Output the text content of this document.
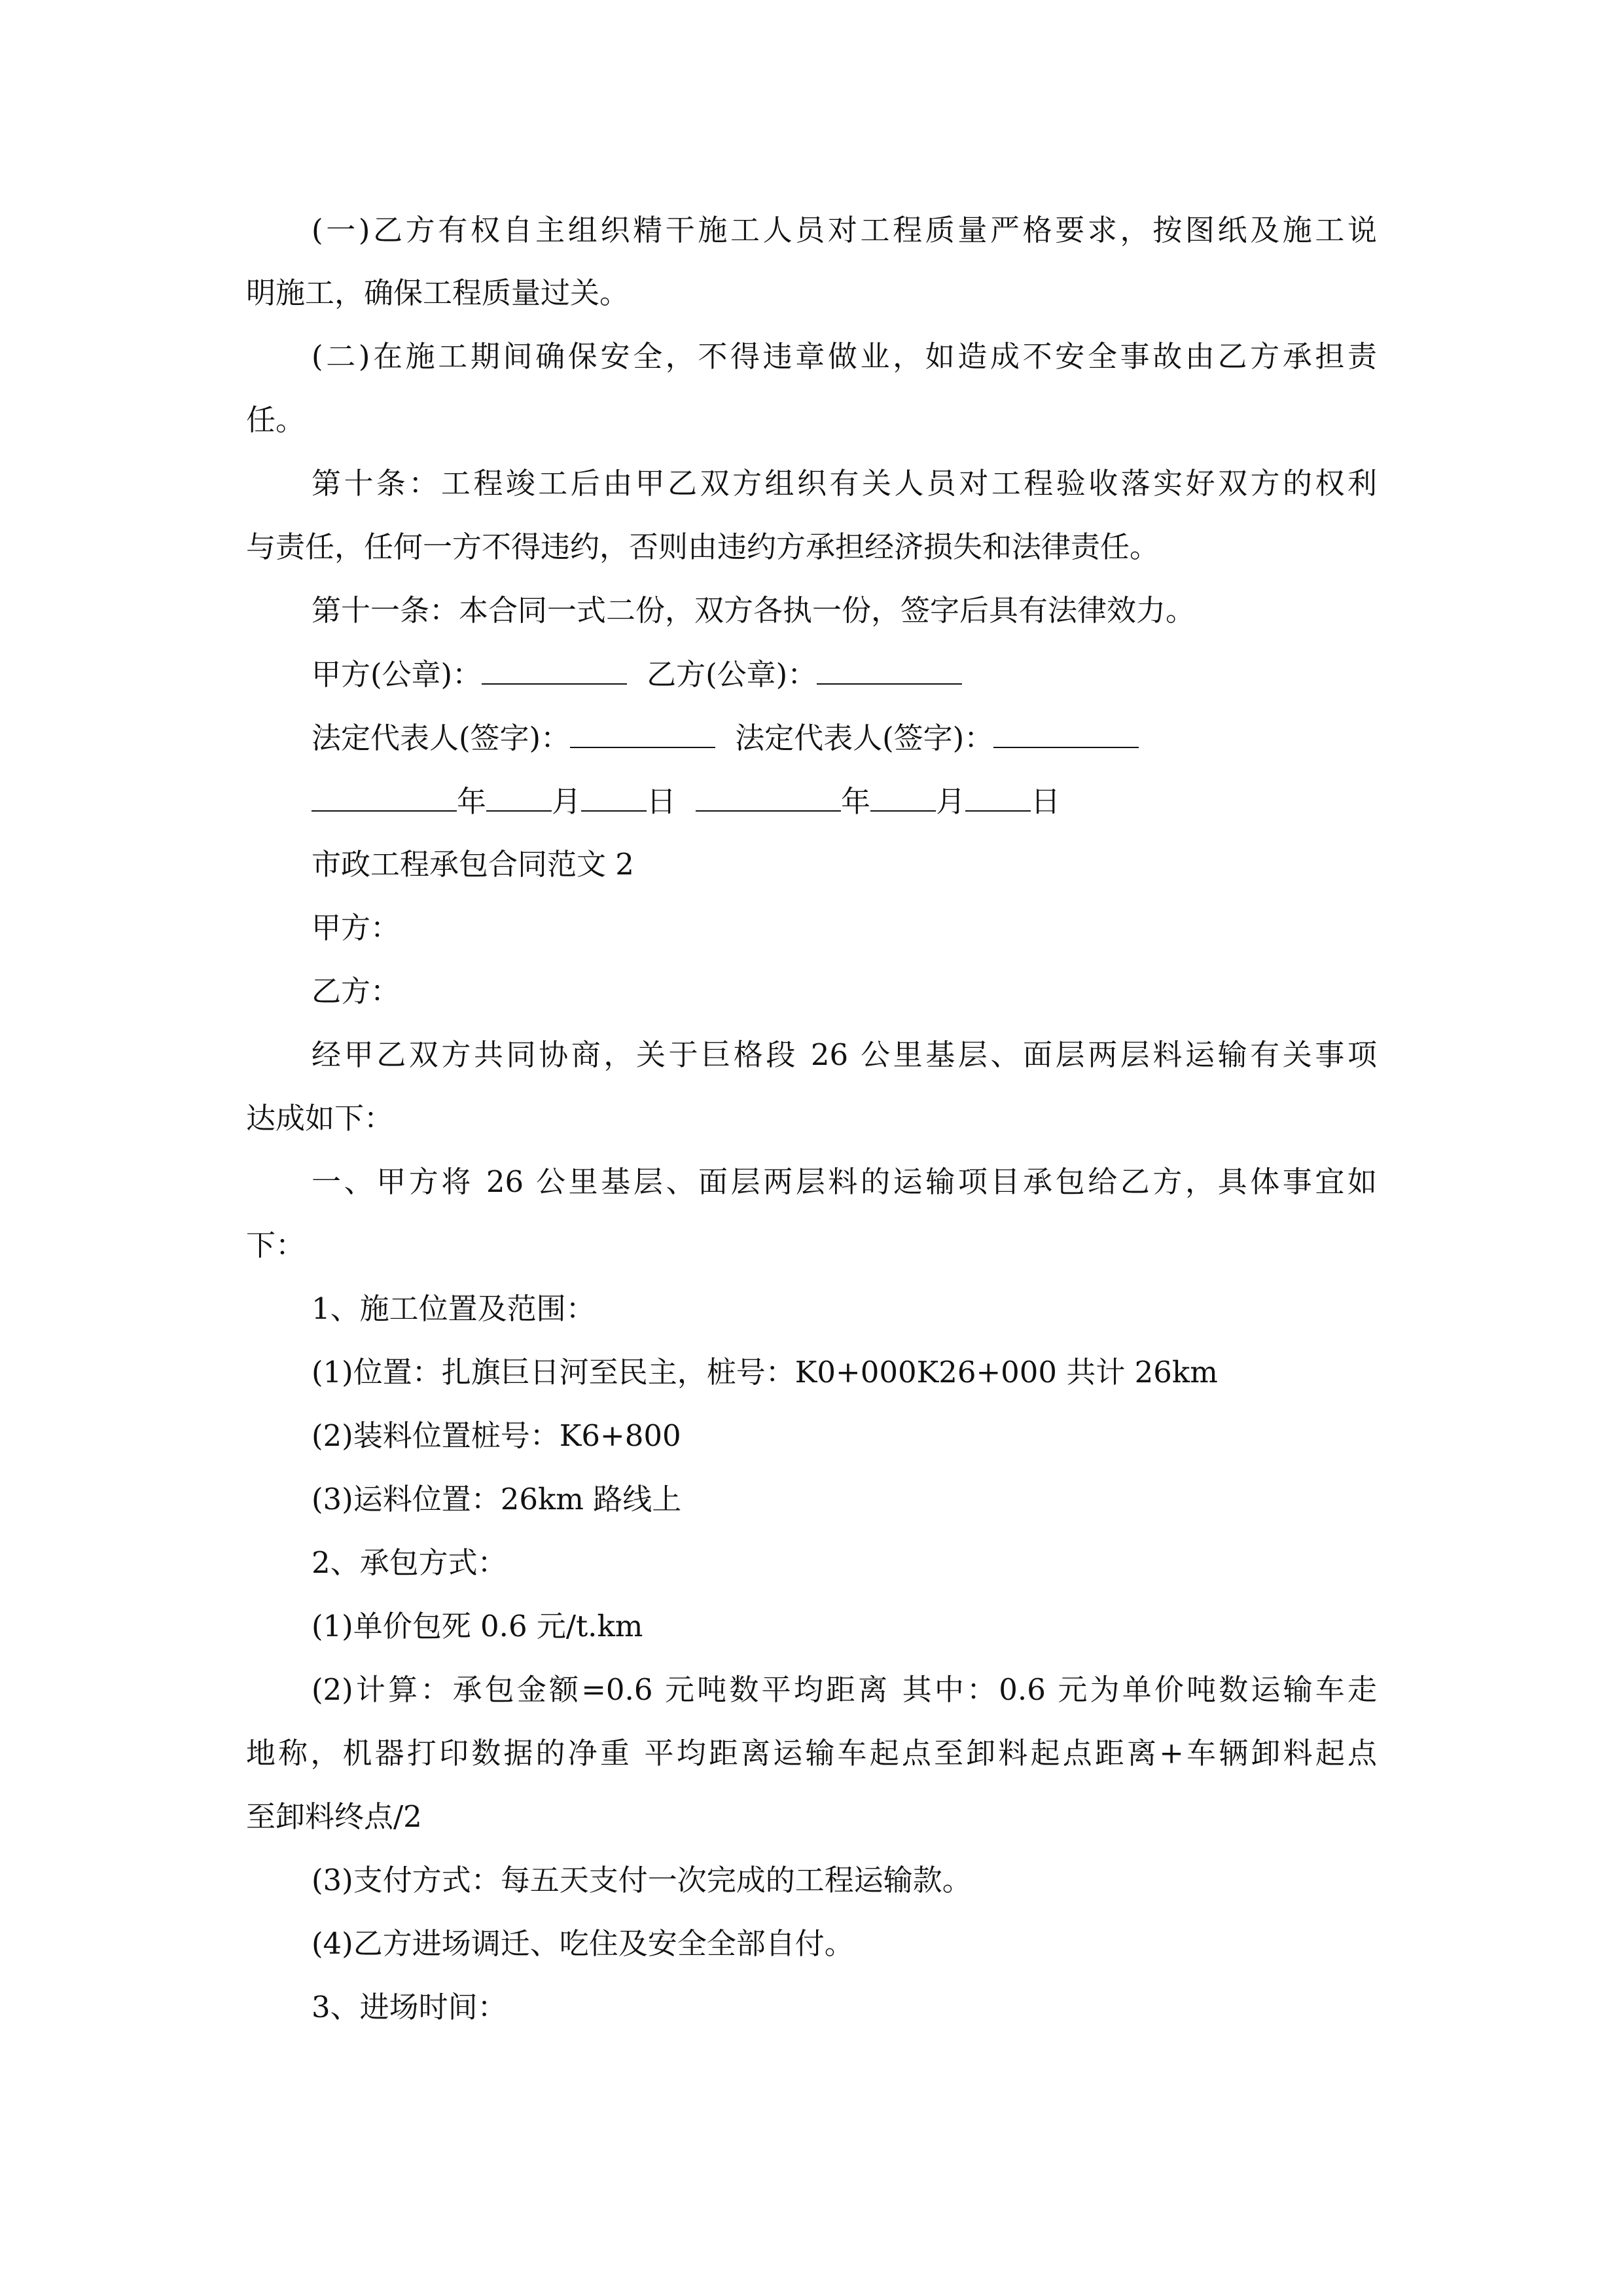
(一)乙方有权自主组织精干施工人员对工程质量严格要求，按图纸及施工说
明施工，确保工程质量过关。
(二)在施工期间确保安全，不得违章做业，如造成不安全事故由乙方承担责
任。
第十条：工程竣工后由甲乙双方组织有关人员对工程验收落实好双方的权利
与责任，任何一方不得违约，否则由违约方承担经济损失和法律责任。
第十一条：本合同一式二份，双方各执一份，签字后具有法律效力。
甲方(公章)：	乙方(公章)：
法定代表人(签字)：	法定代表人(签字)：
年 月 日	年 月 日
市政工程承包合同范文 2
甲方：
乙方：
经甲乙双方共同协商，关于巨格段 26 公里基层、面层两层料运输有关事项
达成如下：
一、甲方将 26 公里基层、面层两层料的运输项目承包给乙方，具体事宜如
下：
1、施工位置及范围：
(1)位置：扎旗巨日河至民主，桩号：K0+000K26+000 共计 26km
(2)装料位置桩号：K6+800
(3)运料位置：26km 路线上
2、承包方式：
(1)单价包死 0.6 元/t.km
(2)计算：承包金额=0.6 元吨数平均距离 其中：0.6 元为单价吨数运输车走
地称，机器打印数据的净重 平均距离运输车起点至卸料起点距离+车辆卸料起点
至卸料终点/2
(3)支付方式：每五天支付一次完成的工程运输款。
(4)乙方进场调迁、吃住及安全全部自付。
3、进场时间：
